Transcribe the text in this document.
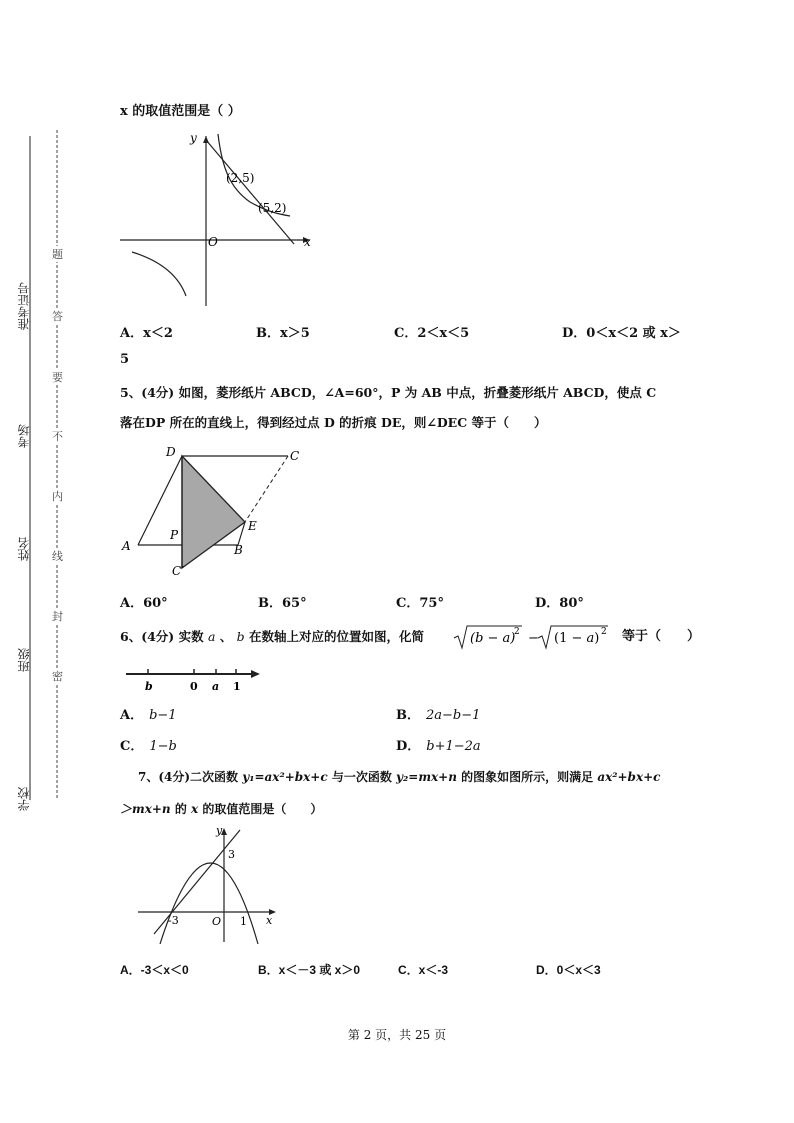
准考证号
考场
姓名
班级
学校
题
答
要
不
内
线
封
密
x 的取值范围是（ ）
y
x
O
(2,5)
(5,2)
A．x＜2	B．x＞5	C．2＜x＜5	D．0＜x＜2 或 x＞
5
5、(4分) 如图，菱形纸片 ABCD，∠A=60°，P 为 AB 中点，折叠菱形纸片 ABCD，使点 C
落在DP 所在的直线上，得到经过点 D 的折痕 DE，则∠DEC 等于（　　）
D	C
A
P
B
E
C′
A．60°	B．65°	C．75°	D．80°
6、(4分) 实数 a 、 b 在数轴上对应的位置如图，化简	(b − a)
2 − (1 − a) 2 等于（　　）
b	0 a 1
A． b−1	B． 2a−b−1
C． 1−b	D． b+1−2a
7、(4分)二次函数 y₁=ax²+bx+c 与一次函数 y₂=mx+n 的图象如图所示，则满足 ax²+bx+c
＞mx+n 的 x 的取值范围是（　　）
y
x
O
-3
3
1
A．-3＜x＜0	B．x＜－3 或 x＞0	C．x＜-3	D．0＜x＜3
第 2 页，共 25 页
